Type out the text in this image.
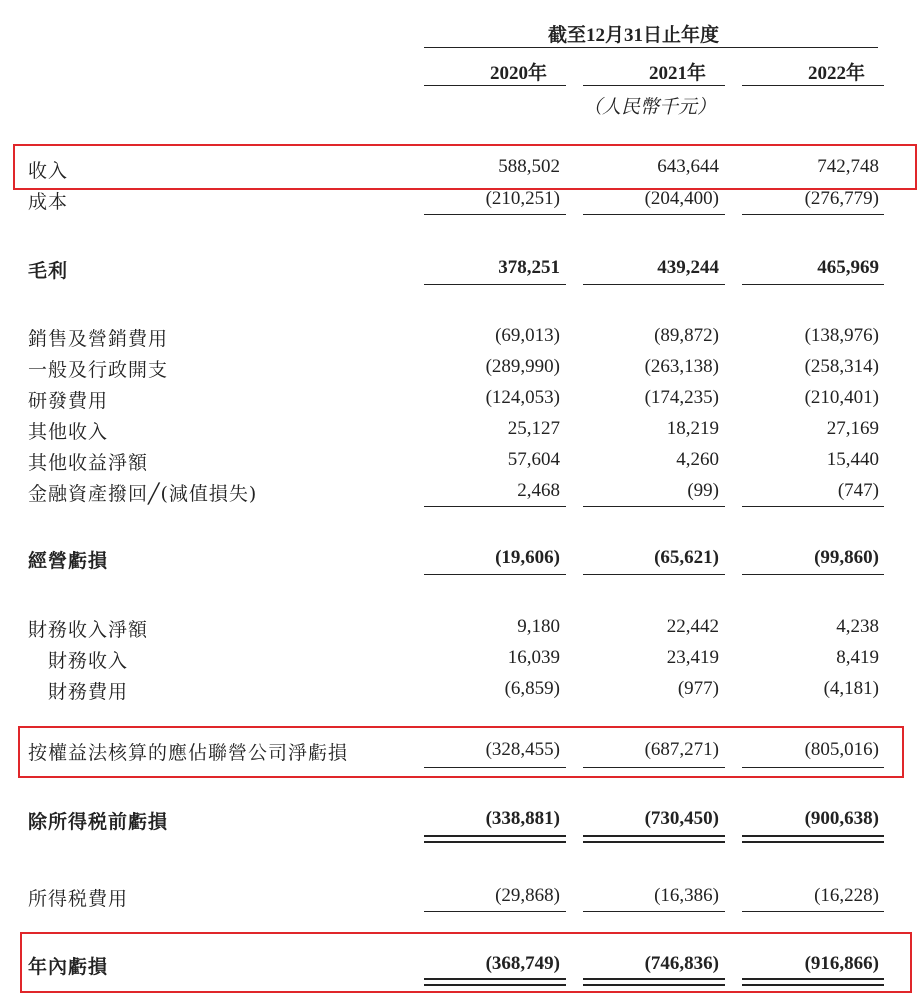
截至12月31日止年度
2020年	2021年	2022年
（人民幣千元）
收入	588,502	643,644	742,748
成本	(210,251)	(204,400)	(276,779)
毛利	378,251	439,244	465,969
銷售及營銷費用	(69,013)	(89,872)	(138,976)
一般及行政開支	(289,990)	(263,138)	(258,314)
研發費用	(124,053)	(174,235)	(210,401)
其他收入	25,127	18,219	27,169
其他收益淨額	57,604	4,260	15,440
金融資產撥回╱(減值損失)	2,468	(99)	(747)
經營虧損	(19,606)	(65,621)	(99,860)
財務收入淨額	9,180	22,442	4,238
財務收入	16,039	23,419	8,419
財務費用	(6,859)	(977)	(4,181)
按權益法核算的應佔聯營公司淨虧損	(328,455)	(687,271)	(805,016)
除所得税前虧損	(338,881)	(730,450)	(900,638)
所得税費用	(29,868)	(16,386)	(16,228)
年內虧損	(368,749)	(746,836)	(916,866)
